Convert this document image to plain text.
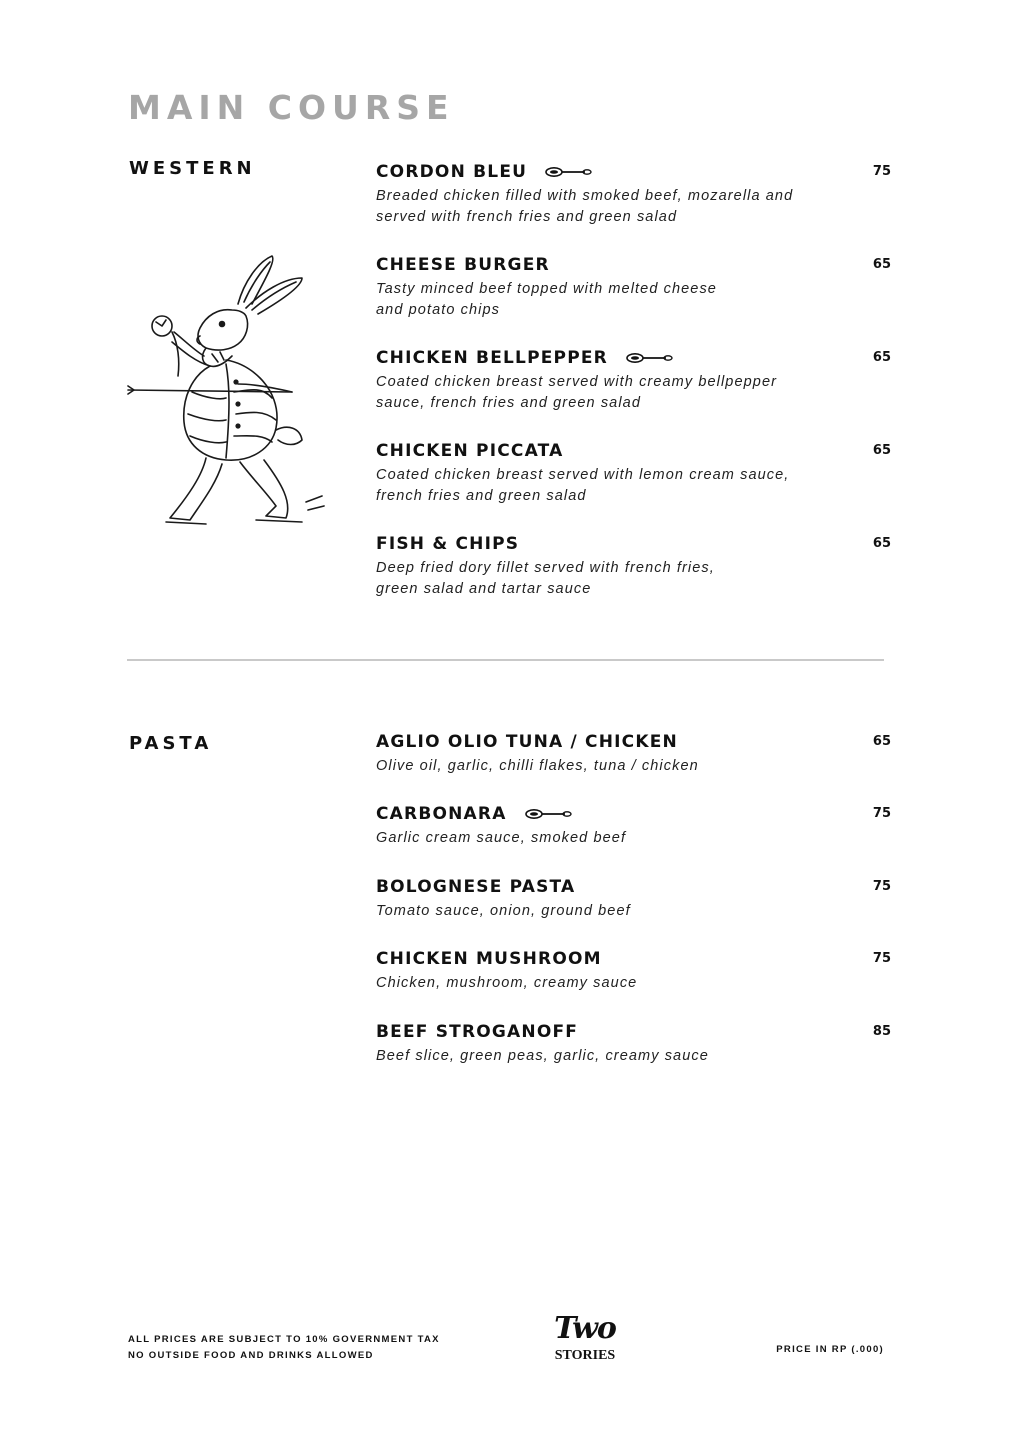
MAIN COURSE
WESTERN	CORDON BLEU	75
Breaded chicken filled with smoked beef, mozarella and
served with french fries and green salad
CHEESE BURGER	65
Tasty minced beef topped with melted cheese
and potato chips
CHICKEN BELLPEPPER	65
Coated chicken breast served with creamy bellpepper
sauce, french fries and green salad
CHICKEN PICCATA	65
Coated chicken breast served with lemon cream sauce,
french fries and green salad
FISH & CHIPS	65
Deep fried dory fillet served with french fries,
green salad and tartar sauce
PASTA	AGLIO OLIO TUNA / CHICKEN	65
Olive oil, garlic, chilli flakes, tuna / chicken
CARBONARA	75
Garlic cream sauce, smoked beef
BOLOGNESE PASTA	75
Tomato sauce, onion, ground beef
CHICKEN MUSHROOM	75
Chicken, mushroom, creamy sauce
BEEF STROGANOFF	85
Beef slice, green peas, garlic, creamy sauce
ALL PRICES ARE SUBJECT TO 10% GOVERNMENT TAX
NO OUTSIDE FOOD AND DRINKS ALLOWED
Two
STORIES	PRICE IN RP (.000)
